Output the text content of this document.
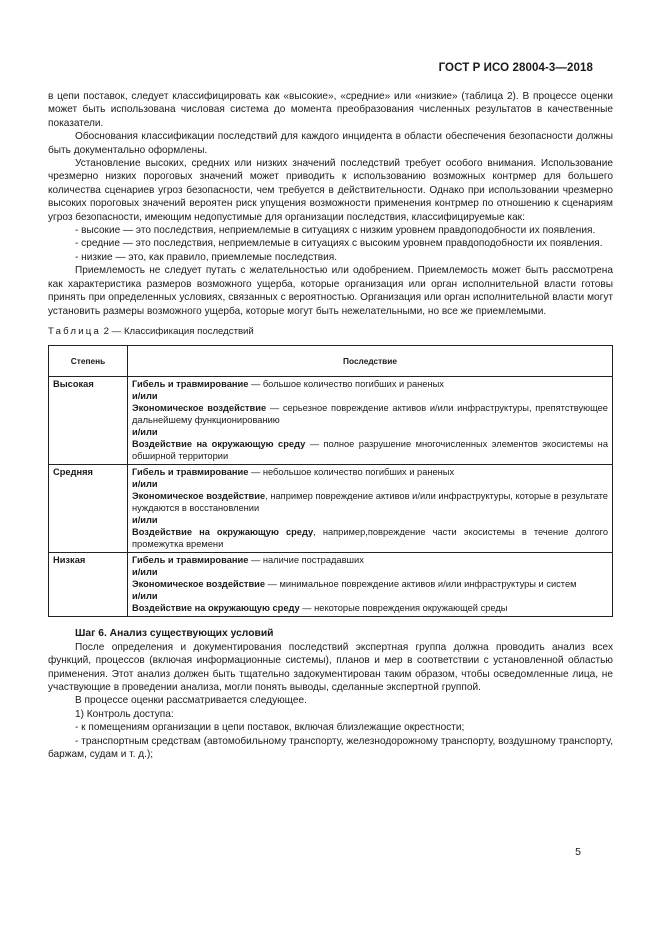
ГОСТ Р ИСО 28004-3—2018

в цепи поставок, следует классифицировать как «высокие», «средние» или «низкие» (таблица 2). В процессе оценки может быть использована числовая система до момента преобразования численных результатов в качественные показатели.

Обоснования классификации последствий для каждого инцидента в области обеспечения безопасности должны быть документально оформлены.

Установление высоких, средних или низких значений последствий требует особого внимания. Использование чрезмерно низких пороговых значений может приводить к использованию возможных контрмер для большего количества сценариев угроз безопасности, чем требуется в действительности. Однако при использовании чрезмерно высоких пороговых значений вероятен риск упущения возможности применения контрмер по отношению к сценариям угроз безопасности, имеющим недопустимые для организации последствия, классифицируемые как:

- высокие — это последствия, неприемлемые в ситуациях с низким уровнем правдоподобности их появления.

- средние — это последствия, неприемлемые в ситуациях с высоким уровнем правдоподобности их появления.

- низкие — это, как правило, приемлемые последствия.

Приемлемость не следует путать с желательностью или одобрением. Приемлемость может быть рассмотрена как характеристика размеров возможного ущерба, которые организация или орган исполнительной власти готовы принять при определенных условиях, связанных с вероятностью. Организация или орган исполнительной власти могут установить размеры возможного ущерба, которые могут быть нежелательными, но все же приемлемыми.

Таблица 2 — Классификация последствий

Степень	Последствие
Высокая	Гибель и травмирование — большое количество погибших и раненых
и/или
Экономическое воздействие — серьезное повреждение активов и/или инфраструктуры, препятствующее дальнейшему функционированию
и/или
Воздействие на окружающую среду — полное разрушение многочисленных элементов экосистемы на обширной территории

Средняя	Гибель и травмирование — небольшое количество погибших и раненых
и/или
Экономическое воздействие, например повреждение активов и/или инфраструктуры, которые в результате нуждаются в восстановлении
и/или
Воздействие на окружающую среду, например,повреждение части экосистемы в течение долгого промежутка времени

Низкая	Гибель и травмирование — наличие пострадавших
и/или
Экономическое воздействие — минимальное повреждение активов и/или инфраструктуры и систем
и/или
Воздействие на окружающую среду — некоторые повреждения окружающей среды

Шаг 6. Анализ существующих условий

После определения и документирования последствий экспертная группа должна проводить анализ всех функций, процессов (включая информационные системы), планов и мер в соответствии с установленной областью применения. Этот анализ должен быть тщательно задокументирован таким образом, чтобы осведомленные лица, не участвующие в проведении анализа, могли понять выводы, сделанные экспертной группой.

В процессе оценки рассматривается следующее.

1) Контроль доступа:

- к помещениям организации в цепи поставок, включая близлежащие окрестности;

- транспортным средствам (автомобильному транспорту, железнодорожному транспорту, воздушному транспорту, баржам, судам и т. д.);

5
